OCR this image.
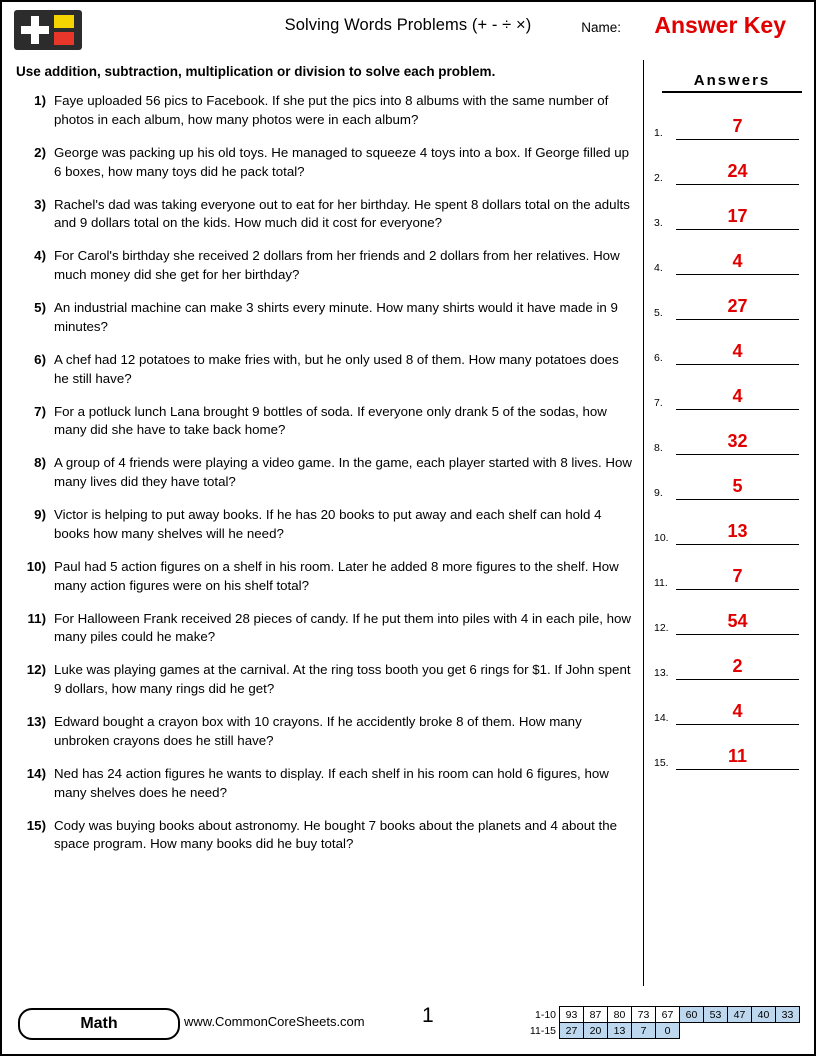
Solving Words Problems (+ - ÷ ×)	Name: Answer Key
Use addition, subtraction, multiplication or division to solve each problem.
Answers
1.	7
2.	24
3.	17
4.	4
5.	27
6.	4
7.	4
8.	32
9.	5
10.	13
11.	7
12.	54
13.	2
14.	4
15.	11
1) Faye uploaded 56 pics to Facebook. If she put the pics into 8 albums with the same number of photos in each album, how many photos were in each album?
2) George was packing up his old toys. He managed to squeeze 4 toys into a box. If George filled up 6 boxes, how many toys did he pack total?
3) Rachel's dad was taking everyone out to eat for her birthday. He spent 8 dollars total on the adults and 9 dollars total on the kids. How much did it cost for everyone?
4) For Carol's birthday she received 2 dollars from her friends and 2 dollars from her relatives. How much money did she get for her birthday?
5) An industrial machine can make 3 shirts every minute. How many shirts would it have made in 9 minutes?
6) A chef had 12 potatoes to make fries with, but he only used 8 of them. How many potatoes does he still have?
7) For a potluck lunch Lana brought 9 bottles of soda. If everyone only drank 5 of the sodas, how many did she have to take back home?
8) A group of 4 friends were playing a video game. In the game, each player started with 8 lives. How many lives did they have total?
9) Victor is helping to put away books. If he has 20 books to put away and each shelf can hold 4 books how many shelves will he need?
10) Paul had 5 action figures on a shelf in his room. Later he added 8 more figures to the shelf. How many action figures were on his shelf total?
11) For Halloween Frank received 28 pieces of candy. If he put them into piles with 4 in each pile, how many piles could he make?
12) Luke was playing games at the carnival. At the ring toss booth you get 6 rings for $1. If John spent 9 dollars, how many rings did he get?
13) Edward bought a crayon box with 10 crayons. If he accidently broke 8 of them. How many unbroken crayons does he still have?
14) Ned has 24 action figures he wants to display. If each shelf in his room can hold 6 figures, how many shelves does he need?
15) Cody was buying books about astronomy. He bought 7 books about the planets and 4 about the space program. How many books did he buy total?
Math	www.CommonCoreSheets.com	1	1-10	93	87	80	73	67	60	53	47	40	33
11-15	27	20	13	7	0					
